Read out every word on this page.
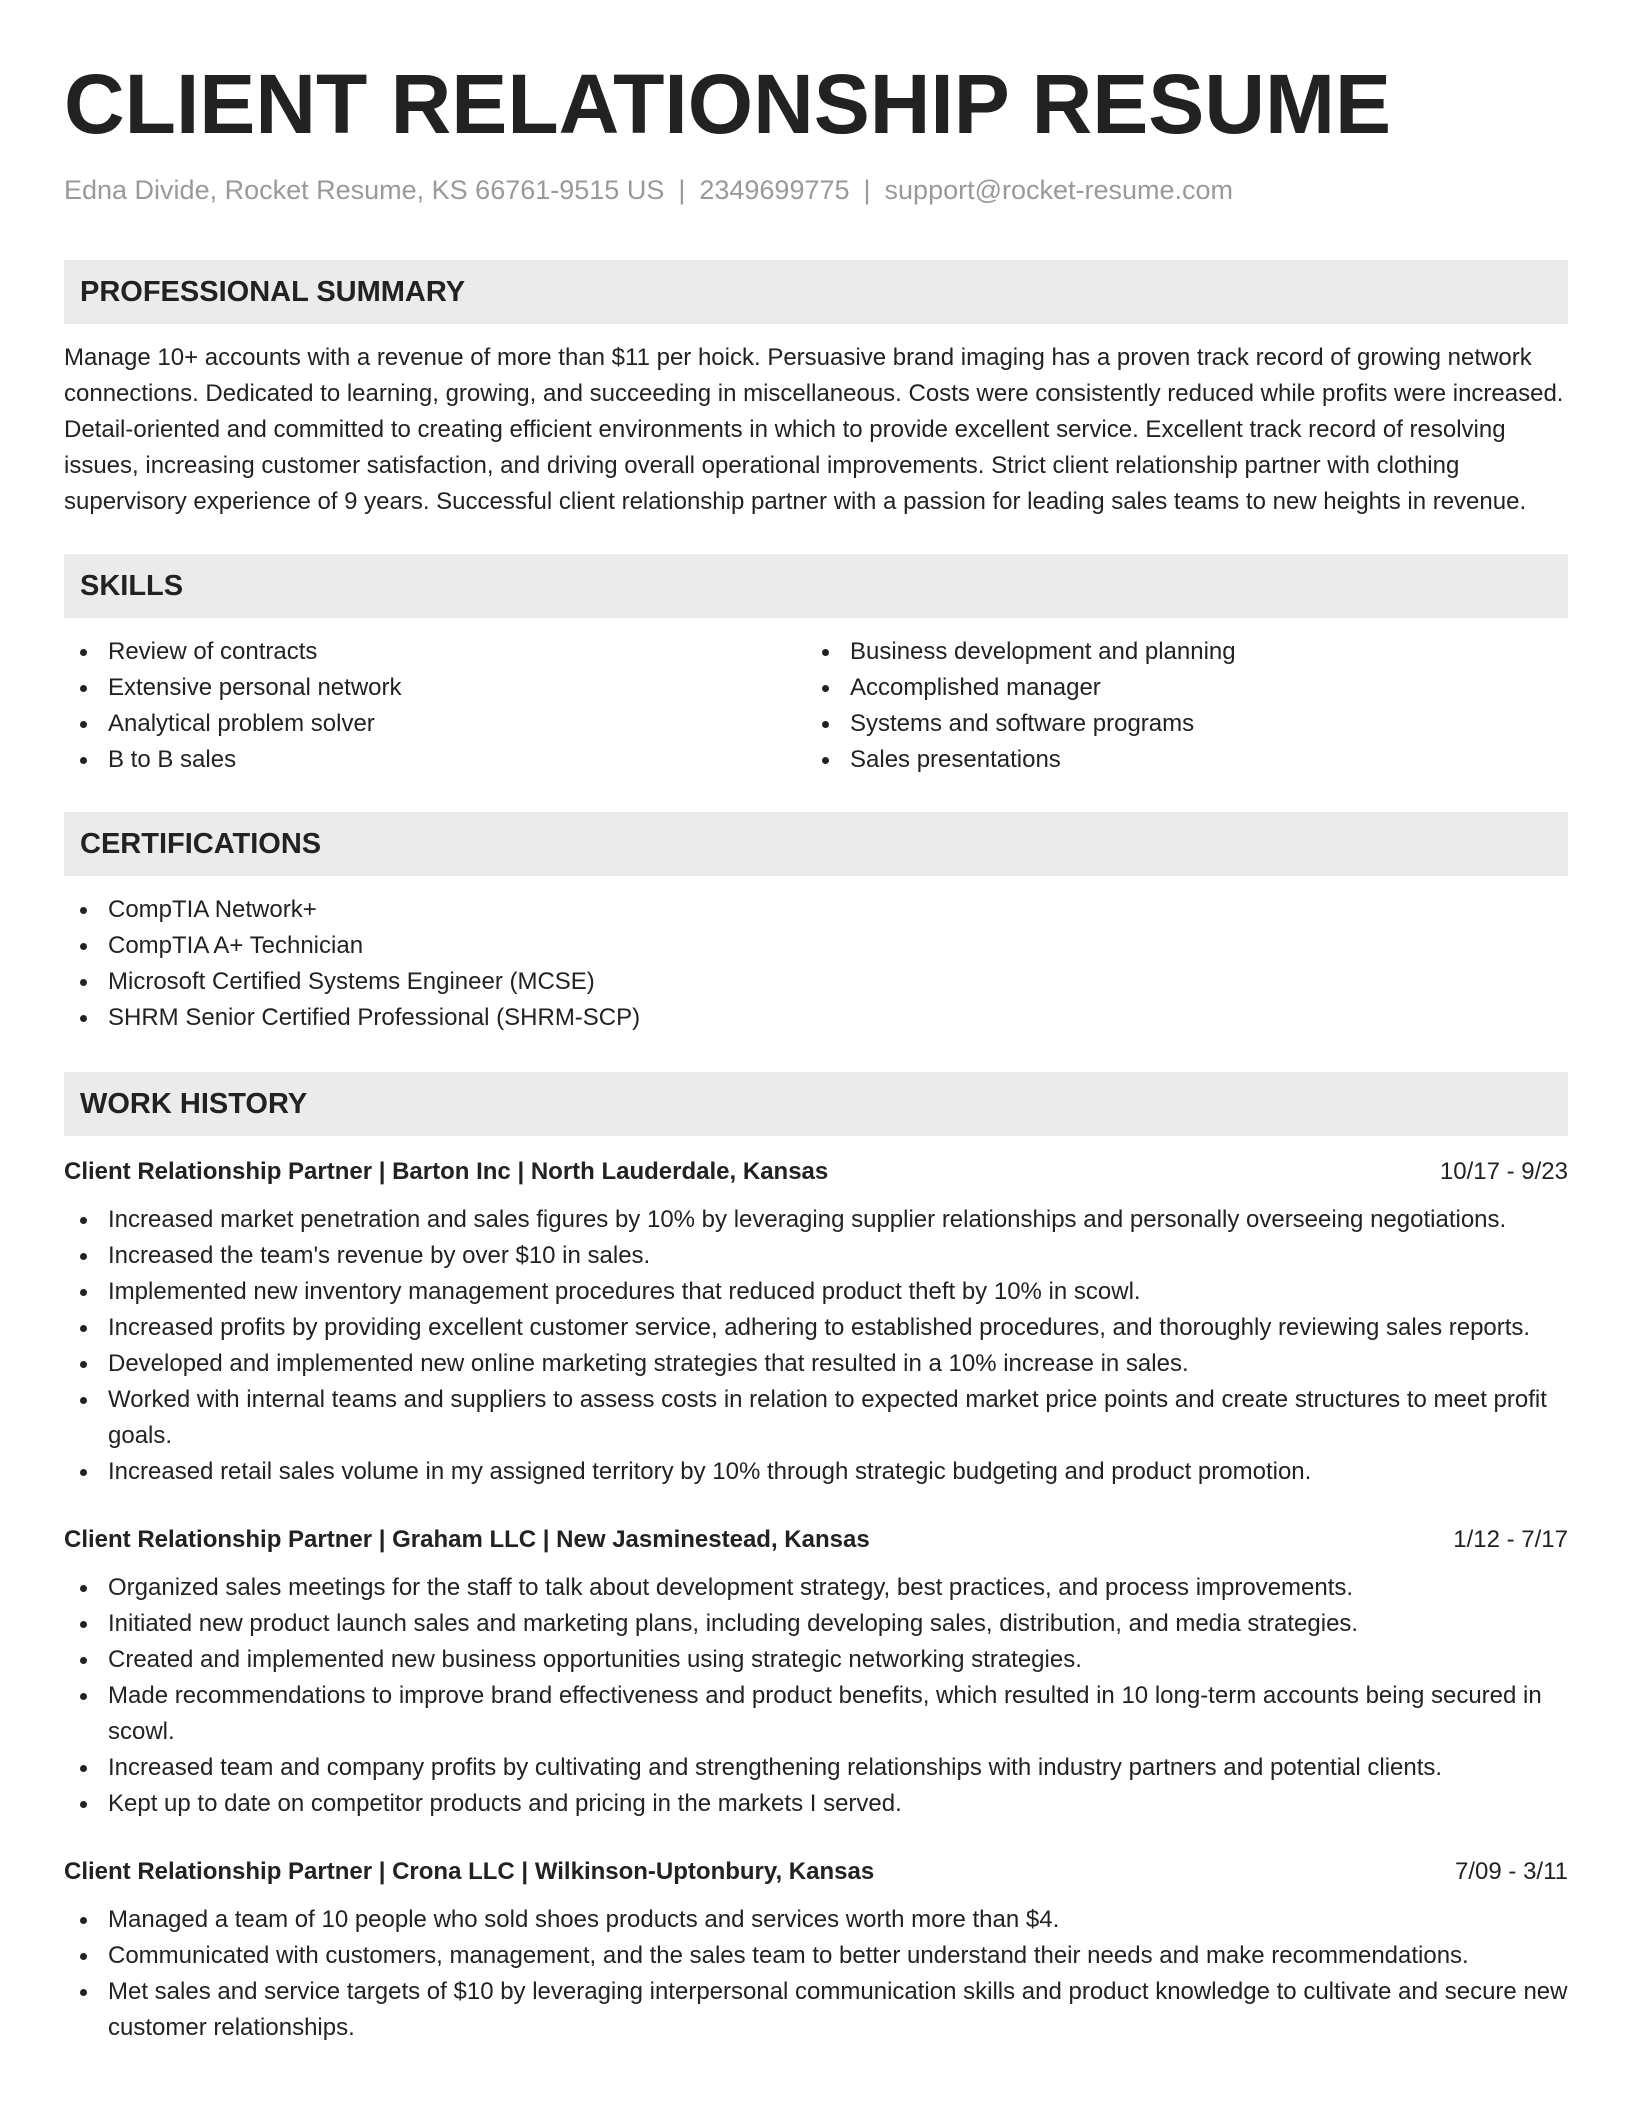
CLIENT RELATIONSHIP RESUME
Edna Divide, Rocket Resume, KS 66761-9515 US | 2349699775 | support@rocket-resume.com
PROFESSIONAL SUMMARY

Manage 10+ accounts with a revenue of more than $11 per hoick. Persuasive brand imaging has a proven track record of growing network connections. Dedicated to learning, growing, and succeeding in miscellaneous. Costs were consistently reduced while profits were increased. Detail-oriented and committed to creating efficient environments in which to provide excellent service. Excellent track record of resolving issues, increasing customer satisfaction, and driving overall operational improvements. Strict client relationship partner with clothing supervisory experience of 9 years. Successful client relationship partner with a passion for leading sales teams to new heights in revenue.

SKILLS
Review of contracts
Extensive personal network
Analytical problem solver
B to B sales
Business development and planning
Accomplished manager
Systems and software programs
Sales presentations
CERTIFICATIONS
CompTIA Network+
CompTIA A+ Technician
Microsoft Certified Systems Engineer (MCSE)
SHRM Senior Certified Professional (SHRM-SCP)
WORK HISTORY
Client Relationship Partner | Barton Inc | North Lauderdale, Kansas	10/17 - 9/23
Increased market penetration and sales figures by 10% by leveraging supplier relationships and personally overseeing negotiations.
Increased the team's revenue by over $10 in sales.
Implemented new inventory management procedures that reduced product theft by 10% in scowl.
Increased profits by providing excellent customer service, adhering to established procedures, and thoroughly reviewing sales reports.
Developed and implemented new online marketing strategies that resulted in a 10% increase in sales.
Worked with internal teams and suppliers to assess costs in relation to expected market price points and create structures to meet profit goals.
Increased retail sales volume in my assigned territory by 10% through strategic budgeting and product promotion.
Client Relationship Partner | Graham LLC | New Jasminestead, Kansas	1/12 - 7/17
Organized sales meetings for the staff to talk about development strategy, best practices, and process improvements.
Initiated new product launch sales and marketing plans, including developing sales, distribution, and media strategies.
Created and implemented new business opportunities using strategic networking strategies.
Made recommendations to improve brand effectiveness and product benefits, which resulted in 10 long-term accounts being secured in scowl.
Increased team and company profits by cultivating and strengthening relationships with industry partners and potential clients.
Kept up to date on competitor products and pricing in the markets I served.
Client Relationship Partner | Crona LLC | Wilkinson-Uptonbury, Kansas	7/09 - 3/11
Managed a team of 10 people who sold shoes products and services worth more than $4.
Communicated with customers, management, and the sales team to better understand their needs and make recommendations.
Met sales and service targets of $10 by leveraging interpersonal communication skills and product knowledge to cultivate and secure new customer relationships.
